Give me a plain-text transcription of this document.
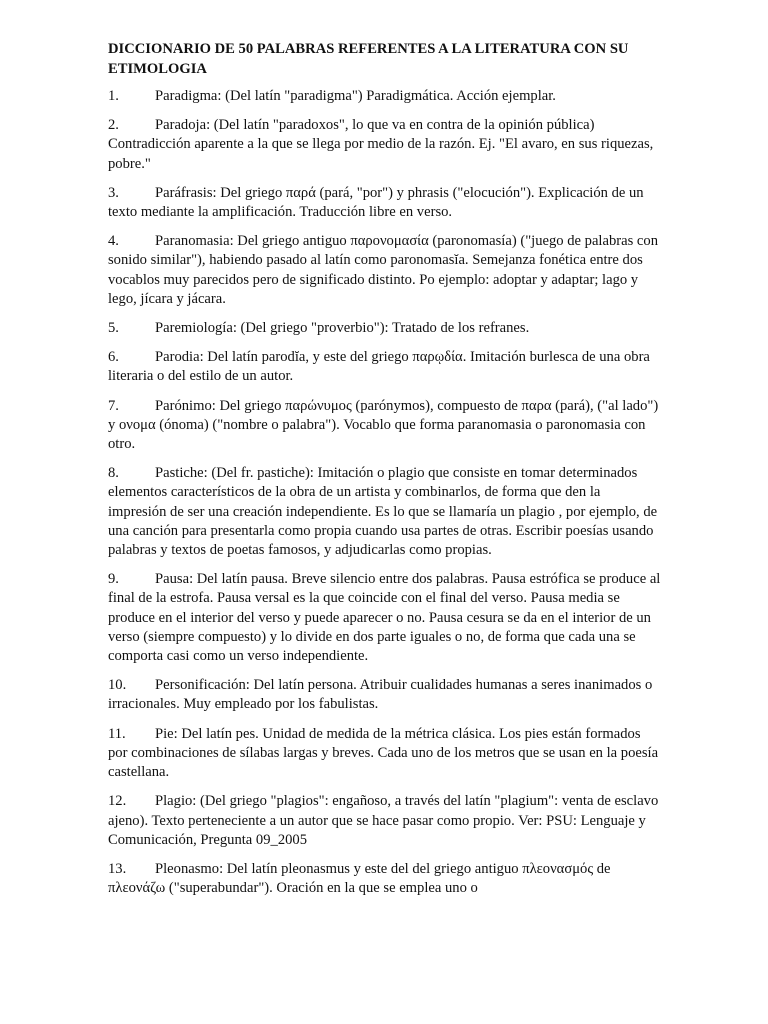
DICCIONARIO DE 50 PALABRAS REFERENTES A LA LITERATURA CON SU ETIMOLOGIA
1. Paradigma: (Del latín "paradigma") Paradigmática. Acción ejemplar.
2. Paradoja: (Del latín "paradoxos", lo que va en contra de la opinión pública) Contradicción aparente a la que se llega por medio de la razón. Ej. "El avaro, en sus riquezas, pobre."
3. Paráfrasis: Del griego παρά (pará, "por") y phrasis ("elocución"). Explicación de un texto mediante la amplificación. Traducción libre en verso.
4. Paranomasia: Del griego antiguo παρονομασία (paronomasía) ("juego de palabras con sonido similar"), habiendo pasado al latín como paronomasĭa. Semejanza fonética entre dos vocablos muy parecidos pero de significado distinto. Po ejemplo: adoptar y adaptar; lago y lego, jícara y jácara.
5. Paremiología: (Del griego "proverbio"): Tratado de los refranes.
6. Parodia: Del latín parodĭa, y este del griego παρῳδία. Imitación burlesca de una obra literaria o del estilo de un autor.
7. Parónimo: Del griego παρώνυμος (parónymos), compuesto de παρα (pará), ("al lado") y ονομα (ónoma) ("nombre o palabra"). Vocablo que forma paranomasia o paronomasia con otro.
8. Pastiche: (Del fr. pastiche): Imitación o plagio que consiste en tomar determinados elementos característicos de la obra de un artista y combinarlos, de forma que den la impresión de ser una creación independiente. Es lo que se llamaría un plagio , por ejemplo, de una canción para presentarla como propia cuando usa partes de otras. Escribir poesías usando palabras y textos de poetas famosos, y adjudicarlas como propias.
9. Pausa: Del latín pausa. Breve silencio entre dos palabras. Pausa estrófica se produce al final de la estrofa. Pausa versal es la que coincide con el final del verso. Pausa media se produce en el interior del verso y puede aparecer o no. Pausa cesura se da en el interior de un verso (siempre compuesto) y lo divide en dos parte iguales o no, de forma que cada una se comporta casi como un verso independiente.
10. Personificación: Del latín persona. Atribuir cualidades humanas a seres inanimados o irracionales. Muy empleado por los fabulistas.
11. Pie: Del latín pes. Unidad de medida de la métrica clásica. Los pies están formados por combinaciones de sílabas largas y breves. Cada uno de los metros que se usan en la poesía castellana.
12. Plagio: (Del griego "plagios": engañoso, a través del latín "plagium": venta de esclavo ajeno). Texto perteneciente a un autor que se hace pasar como propio. Ver: PSU: Lenguaje y Comunicación, Pregunta 09_2005
13. Pleonasmo: Del latín pleonasmus y este del del griego antiguo πλεονασμός de πλεονάζω ("superabundar"). Oración en la que se emplea uno o
